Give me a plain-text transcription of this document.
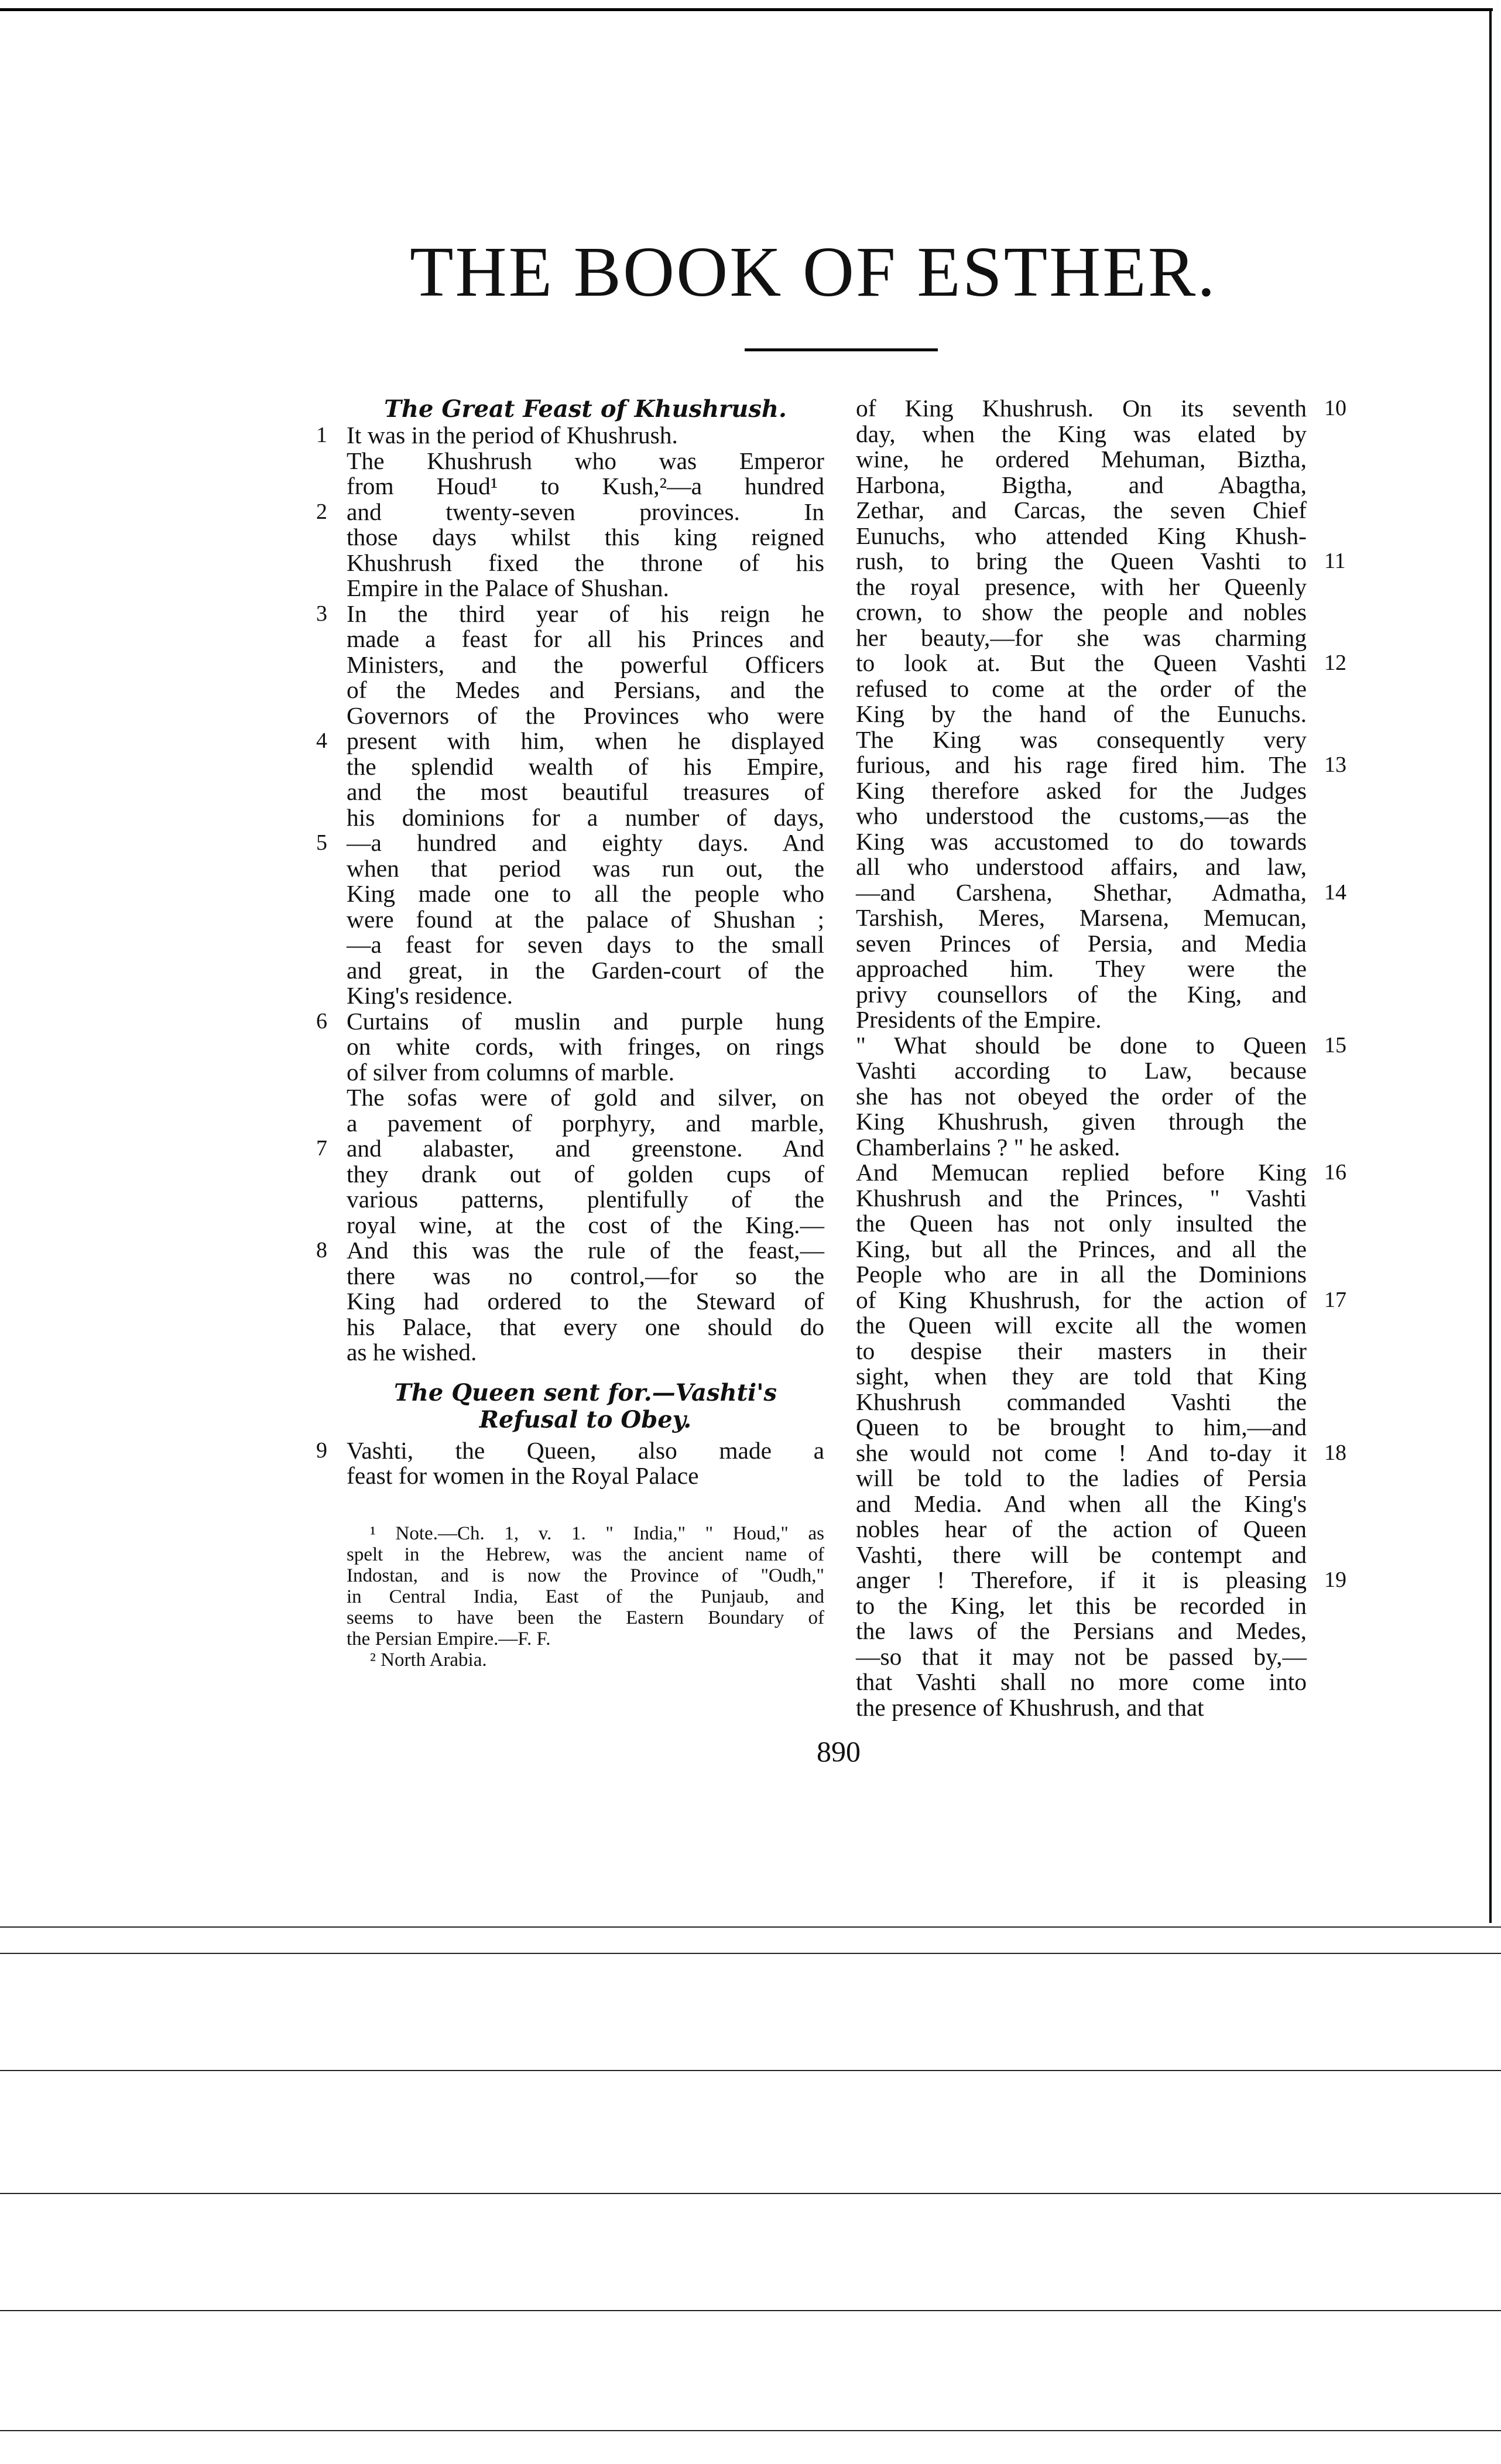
THE BOOK OF ESTHER.
The Great Feast of Khushrush.
It was in the period of Khushrush.
1
The Khushrush who was Emperor
from Houd¹ to Kush,²—a hundred
and twenty-seven provinces. In
2
those days whilst this king reigned
Khushrush fixed the throne of his
Empire in the Palace of Shushan.
In the third year of his reign he
3
made a feast for all his Princes and
Ministers, and the powerful Officers
of the Medes and Persians, and the
Governors of the Provinces who were
present with him, when he displayed
4
the splendid wealth of his Empire,
and the most beautiful treasures of
his dominions for a number of days,
—a hundred and eighty days. And
5
when that period was run out, the
King made one to all the people who
were found at the palace of Shushan ;
—a feast for seven days to the small
and great, in the Garden-court of the
King's residence.
Curtains of muslin and purple hung
6
on white cords, with fringes, on rings
of silver from columns of marble.
The sofas were of gold and silver, on
a pavement of porphyry, and marble,
and alabaster, and greenstone. And
7
they drank out of golden cups of
various patterns, plentifully of the
royal wine, at the cost of the King.—
And this was the rule of the feast,—
8
there was no control,—for so the
King had ordered to the Steward of
his Palace, that every one should do
as he wished.
The Queen sent for.—Vashti's
Refusal to Obey.
Vashti, the Queen, also made a
9
feast for women in the Royal Palace
¹ Note.—Ch. 1, v. 1. " India," " Houd," as
spelt in the Hebrew, was the ancient name of
Indostan, and is now the Province of "Oudh,"
in Central India, East of the Punjaub, and
seems to have been the Eastern Boundary of
the Persian Empire.—F. F.
² North Arabia.
of King Khushrush. On its seventh 10
day, when the King was elated by
wine, he ordered Mehuman, Biztha,
Harbona, Bigtha, and Abagtha,
Zethar, and Carcas, the seven Chief
Eunuchs, who attended King Khush-
rush, to bring the Queen Vashti to 11
the royal presence, with her Queenly
crown, to show the people and nobles
her beauty,—for she was charming
to look at. But the Queen Vashti 12
refused to come at the order of the
King by the hand of the Eunuchs.
The King was consequently very
furious, and his rage fired him. The 13
King therefore asked for the Judges
who understood the customs,—as the
King was accustomed to do towards
all who understood affairs, and law,
—and Carshena, Shethar, Admatha, 14
Tarshish, Meres, Marsena, Memucan,
seven Princes of Persia, and Media
approached him. They were the
privy counsellors of the King, and
Presidents of the Empire.
" What should be done to Queen 15
Vashti according to Law, because
she has not obeyed the order of the
King Khushrush, given through the
Chamberlains ? " he asked.
And Memucan replied before King 16
Khushrush and the Princes, " Vashti
the Queen has not only insulted the
King, but all the Princes, and all the
People who are in all the Dominions
of King Khushrush, for the action of 17
the Queen will excite all the women
to despise their masters in their
sight, when they are told that King
Khushrush commanded Vashti the
Queen to be brought to him,—and
she would not come ! And to-day it 18
will be told to the ladies of Persia
and Media. And when all the King's
nobles hear of the action of Queen
Vashti, there will be contempt and
anger ! Therefore, if it is pleasing 19
to the King, let this be recorded in
the laws of the Persians and Medes,
—so that it may not be passed by,—
that Vashti shall no more come into
the presence of Khushrush, and that
890
